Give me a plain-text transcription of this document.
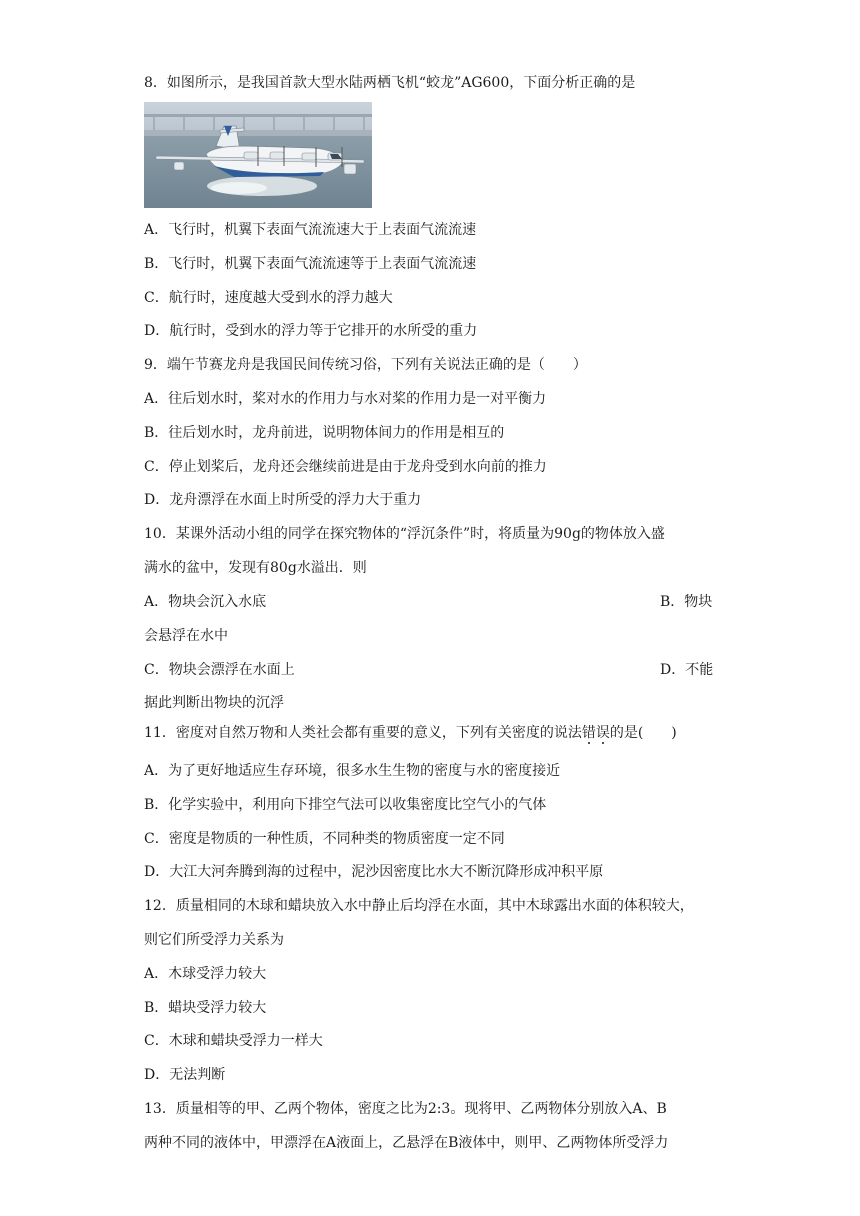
8．如图所示，是我国首款大型水陆两栖飞机“蛟龙”AG600，下面分析正确的是
A．飞行时，机翼下表面气流流速大于上表面气流流速
B．飞行时，机翼下表面气流流速等于上表面气流流速
C．航行时，速度越大受到水的浮力越大
D．航行时，受到水的浮力等于它排开的水所受的重力
9．端午节赛龙舟是我国民间传统习俗，下列有关说法正确的是（　　）
A．往后划水时，桨对水的作用力与水对桨的作用力是一对平衡力
B．往后划水时，龙舟前进，说明物体间力的作用是相互的
C．停止划桨后，龙舟还会继续前进是由于龙舟受到水向前的推力
D．龙舟漂浮在水面上时所受的浮力大于重力
10．某课外活动小组的同学在探究物体的“浮沉条件”时，将质量为90g的物体放入盛
满水的盆中，发现有80g水溢出．则
A．物块会沉入水底	B．物块
会悬浮在水中
C．物块会漂浮在水面上	D．不能
据此判断出物块的沉浮
11．密度对自然万物和人类社会都有重要的意义，下列有关密度的说法错误的是(　　)
A．为了更好地适应生存环境，很多水生生物的密度与水的密度接近
B．化学实验中，利用向下排空气法可以收集密度比空气小的气体
C．密度是物质的一种性质，不同种类的物质密度一定不同
D．大江大河奔腾到海的过程中，泥沙因密度比水大不断沉降形成冲积平原
12．质量相同的木球和蜡块放入水中静止后均浮在水面，其中木球露出水面的体积较大，
则它们所受浮力关系为
A．木球受浮力较大
B．蜡块受浮力较大
C．木球和蜡块受浮力一样大
D．无法判断
13．质量相等的甲、乙两个物体，密度之比为2:3。现将甲、乙两物体分别放入A、B
两种不同的液体中，甲漂浮在A液面上，乙悬浮在B液体中，则甲、乙两物体所受浮力
